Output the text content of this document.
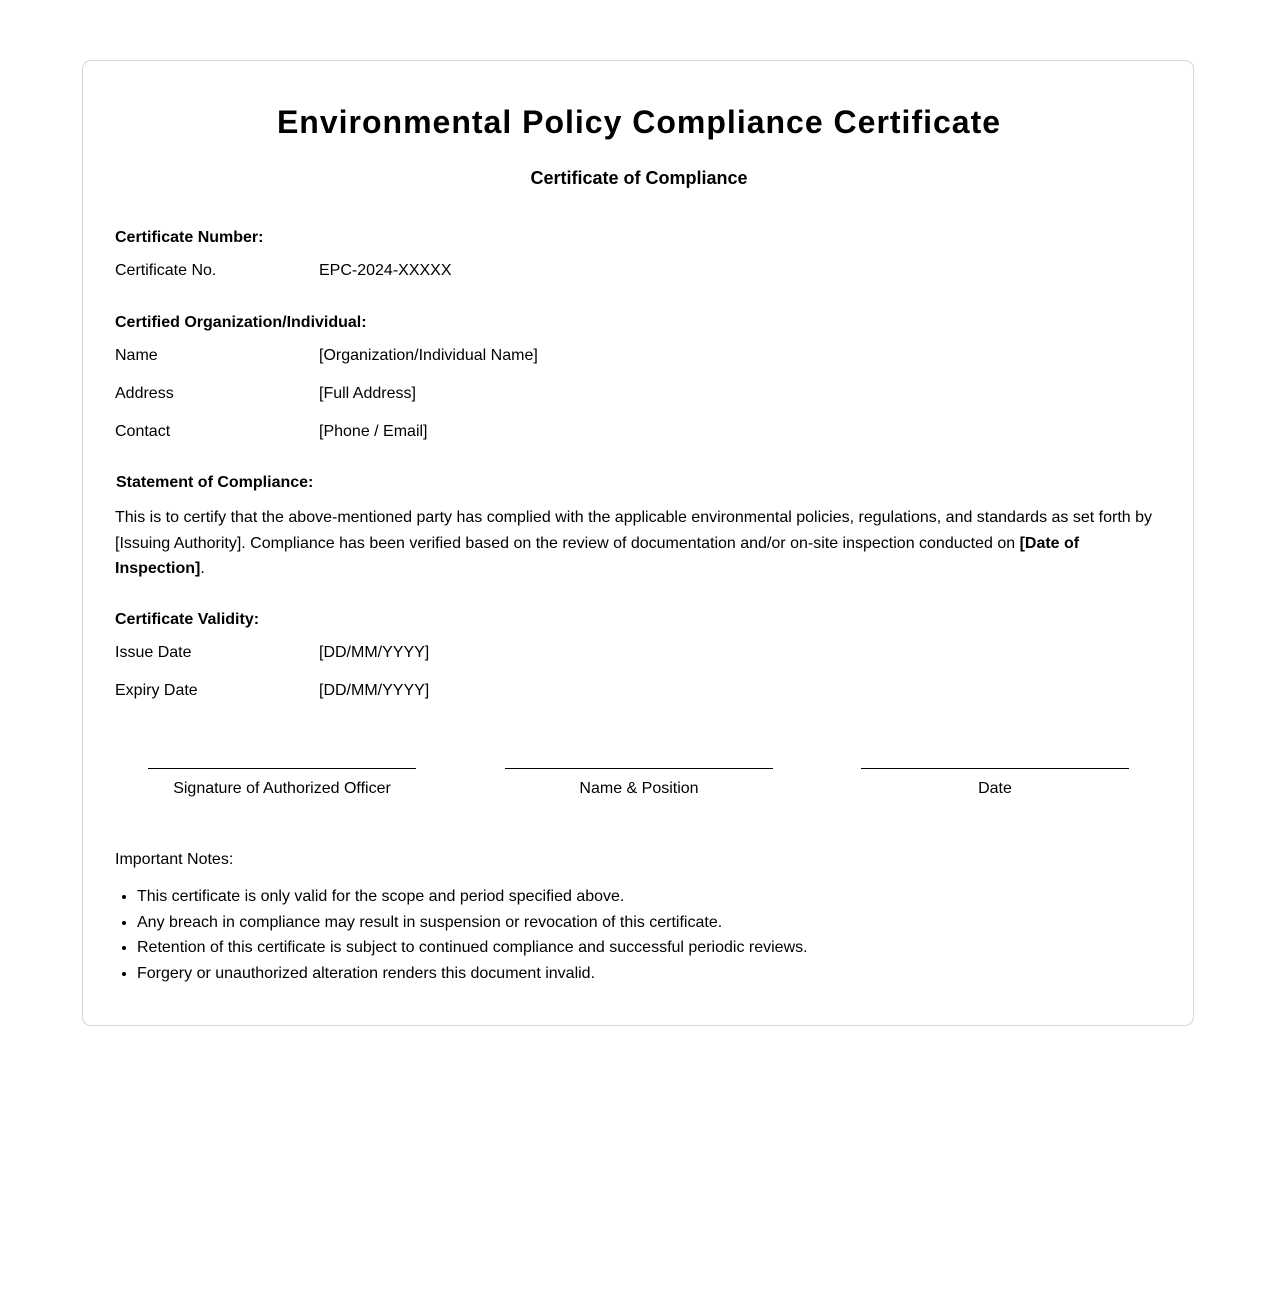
Environmental Policy Compliance Certificate
Certificate of Compliance
Certificate Number:
Certificate No.	EPC-2024-XXXXX
Certified Organization/Individual:
Name	[Organization/Individual Name]
Address	[Full Address]
Contact	[Phone / Email]
Statement of Compliance:
This is to certify that the above-mentioned party has complied with the applicable environmental policies, regulations, and standards as set forth by [Issuing Authority]. Compliance has been verified based on the review of documentation and/or on-site inspection conducted on [Date of Inspection].
Certificate Validity:
Issue Date	[DD/MM/YYYY]
Expiry Date	[DD/MM/YYYY]
Signature of Authorized Officer	Name & Position	Date
Important Notes:
• This certificate is only valid for the scope and period specified above.
• Any breach in compliance may result in suspension or revocation of this certificate.
• Retention of this certificate is subject to continued compliance and successful periodic reviews.
• Forgery or unauthorized alteration renders this document invalid.
